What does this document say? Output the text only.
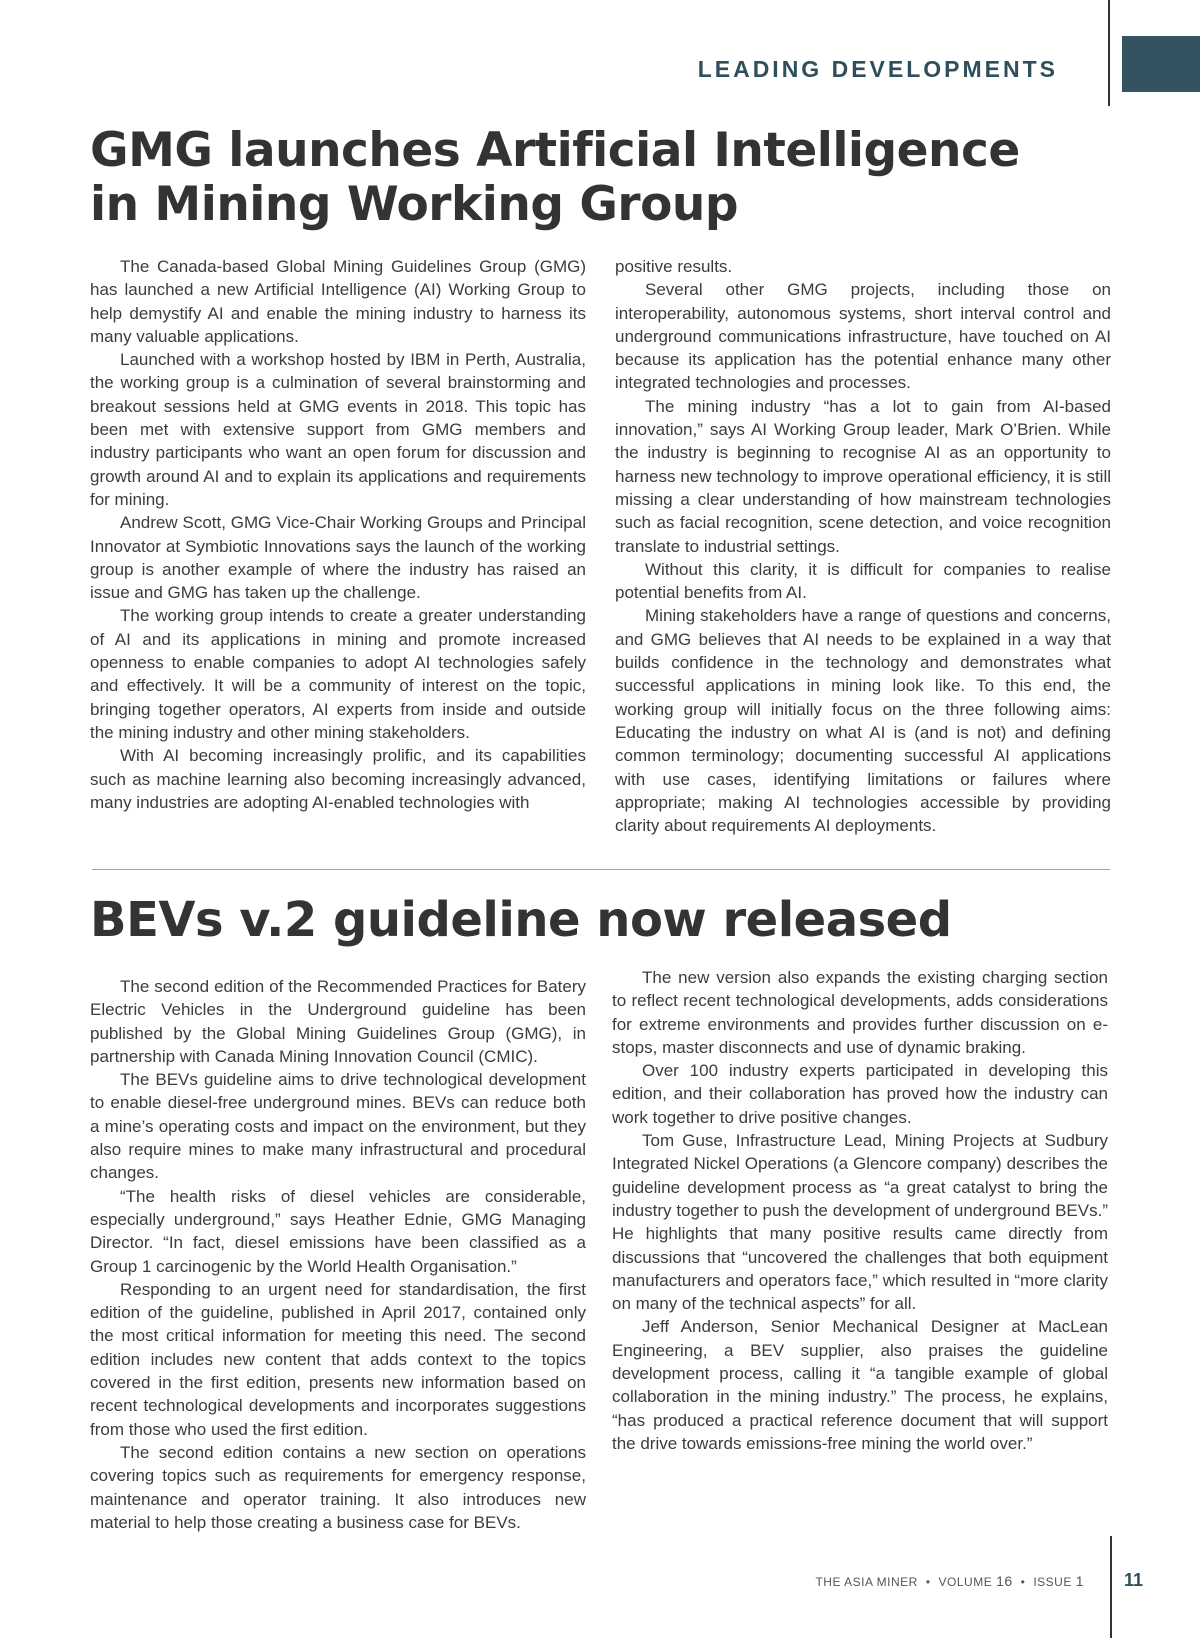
LEADING DEVELOPMENTS
GMG launches Artificial Intelligence in Mining Working Group

The Canada-based Global Mining Guidelines Group (GMG) has launched a new Artificial Intelligence (AI) Working Group to help demystify AI and enable the mining industry to harness its many valuable applications.

Launched with a workshop hosted by IBM in Perth, Australia, the working group is a culmination of several brainstorming and breakout sessions held at GMG events in 2018. This topic has been met with extensive support from GMG members and industry participants who want an open forum for discussion and growth around AI and to explain its applications and requirements for mining.

Andrew Scott, GMG Vice-Chair Working Groups and Principal Innovator at Symbiotic Innovations says the launch of the working group is another example of where the industry has raised an issue and GMG has taken up the challenge.

The working group intends to create a greater understanding of AI and its applications in mining and promote increased openness to enable companies to adopt AI technologies safely and effectively. It will be a community of interest on the topic, bringing together operators, AI experts from inside and outside the mining industry and other mining stakeholders.

With AI becoming increasingly prolific, and its capabilities such as machine learning also becoming increasingly advanced, many industries are adopting AI-enabled technologies with

positive results.

Several other GMG projects, including those on interoperability, autonomous systems, short interval control and underground communications infrastructure, have touched on AI because its application has the potential enhance many other integrated technologies and processes.

The mining industry “has a lot to gain from AI-based innovation,” says AI Working Group leader, Mark O’Brien. While the industry is beginning to recognise AI as an opportunity to harness new technology to improve operational efficiency, it is still missing a clear understanding of how mainstream technologies such as facial recognition, scene detection, and voice recognition translate to industrial settings.

Without this clarity, it is difficult for companies to realise potential benefits from AI.

Mining stakeholders have a range of questions and concerns, and GMG believes that AI needs to be explained in a way that builds confidence in the technology and demonstrates what successful applications in mining look like. To this end, the working group will initially focus on the three following aims: Educating the industry on what AI is (and is not) and defining common terminology; documenting successful AI applications with use cases, identifying limitations or failures where appropriate; making AI technologies accessible by providing clarity about requirements AI deployments.

BEVs v.2 guideline now released

The second edition of the Recommended Practices for Batery Electric Vehicles in the Underground guideline has been published by the Global Mining Guidelines Group (GMG), in partnership with Canada Mining Innovation Council (CMIC).

The BEVs guideline aims to drive technological development to enable diesel-free underground mines. BEVs can reduce both a mine’s operating costs and impact on the environment, but they also require mines to make many infrastructural and procedural changes.

“The health risks of diesel vehicles are considerable, especially underground,” says Heather Ednie, GMG Managing Director. “In fact, diesel emissions have been classified as a Group 1 carcinogenic by the World Health Organisation.”

Responding to an urgent need for standardisation, the first edition of the guideline, published in April 2017, contained only the most critical information for meeting this need. The second edition includes new content that adds context to the topics covered in the first edition, presents new information based on recent technological developments and incorporates suggestions from those who used the first edition.

The second edition contains a new section on operations covering topics such as requirements for emergency response, maintenance and operator training. It also introduces new material to help those creating a business case for BEVs.

The new version also expands the existing charging section to reflect recent technological developments, adds considerations for extreme environments and provides further discussion on e-stops, master disconnects and use of dynamic braking.

Over 100 industry experts participated in developing this edition, and their collaboration has proved how the industry can work together to drive positive changes.

Tom Guse, Infrastructure Lead, Mining Projects at Sudbury Integrated Nickel Operations (a Glencore company) describes the guideline development process as “a great catalyst to bring the industry together to push the development of underground BEVs.” He highlights that many positive results came directly from discussions that “uncovered the challenges that both equipment manufacturers and operators face,” which resulted in “more clarity on many of the technical aspects” for all.

Jeff Anderson, Senior Mechanical Designer at MacLean Engineering, a BEV supplier, also praises the guideline development process, calling it “a tangible example of global collaboration in the mining industry.” The process, he explains, “has produced a practical reference document that will support the drive towards emissions-free mining the world over.”

THE ASIA MINER • VOLUME 16 • ISSUE 1 11
